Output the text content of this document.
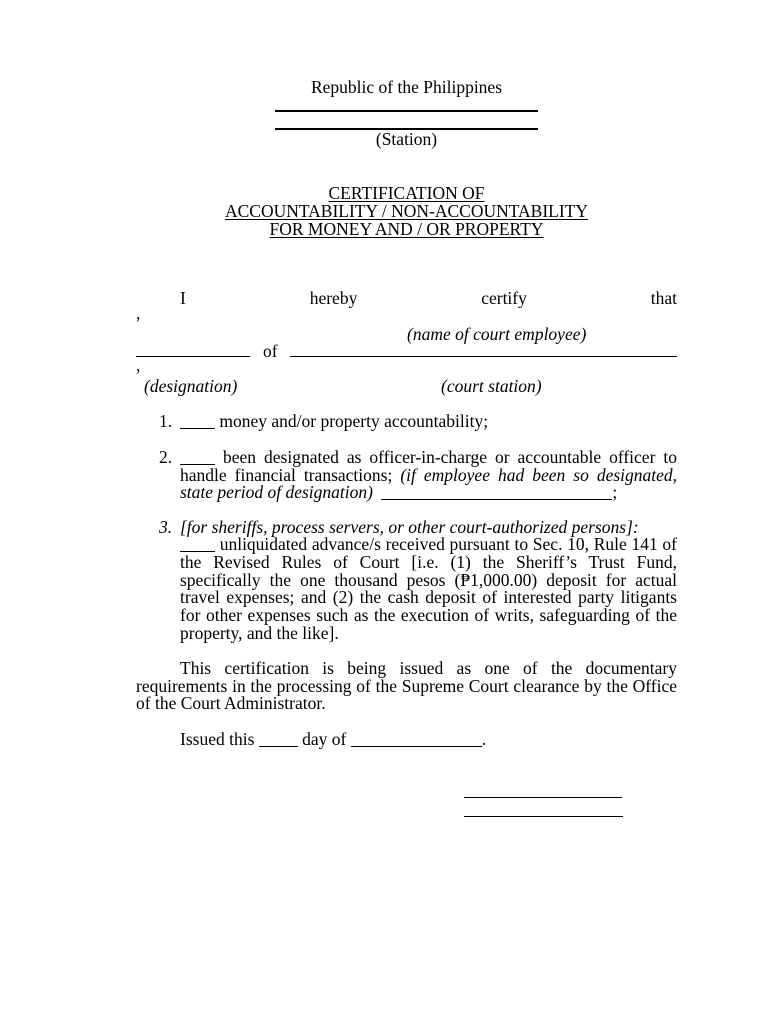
Republic of the Philippines
(Station)
CERTIFICATION OF
ACCOUNTABILITY / NON-ACCOUNTABILITY
FOR MONEY AND / OR PROPERTY
I hereby certify that
,
(name of court employee)
of
,
(designation)	(court station)
1.	money and/or property accountability;
2.	been designated as officer-in-charge or accountable officer to
handle financial transactions; (if employee had been so designated,
state period of designation)	;
3. [for sheriffs, process servers, or other court-authorized persons]:
unliquidated advance/s received pursuant to Sec. 10, Rule 141 of
the Revised Rules of Court [i.e. (1) the Sheriff’s Trust Fund,
specifically the one thousand pesos (₱1,000.00) deposit for actual
travel expenses; and (2) the cash deposit of interested party litigants
for other expenses such as the execution of writs, safeguarding of the
property, and the like].
This certification is being issued as one of the documentary
requirements in the processing of the Supreme Court clearance by the Office
of the Court Administrator.
Issued this	day of	.
